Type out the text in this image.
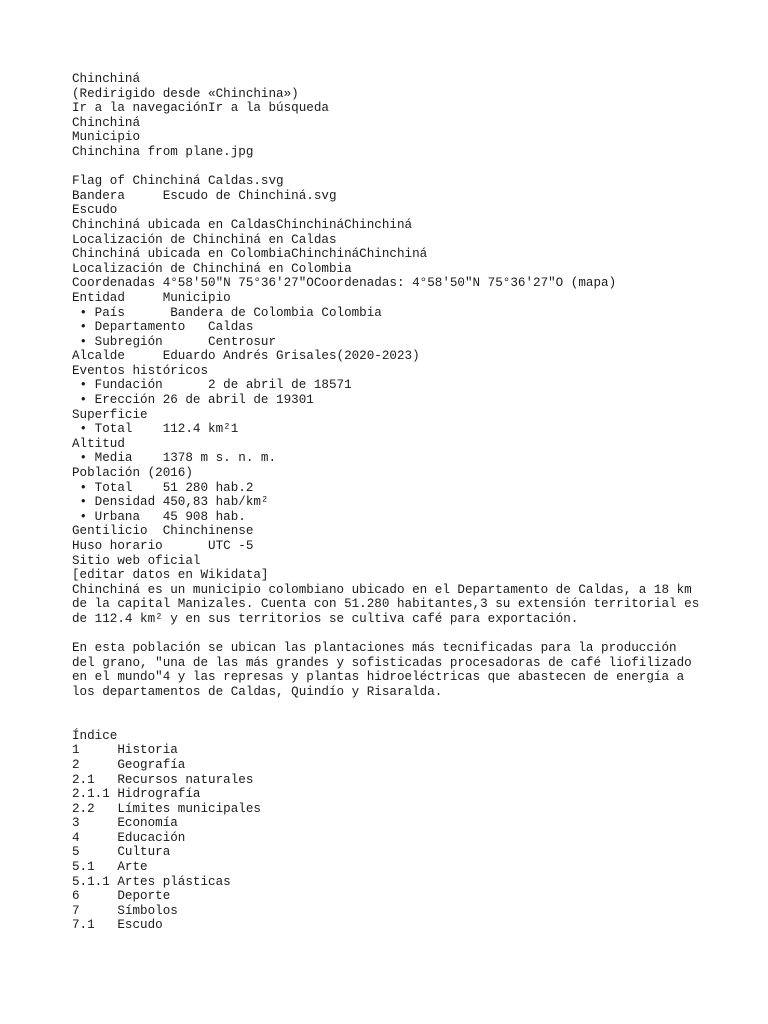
Chinchiná
(Redirigido desde «Chinchina»)
Ir a la navegaciónIr a la búsqueda
Chinchiná
Municipio
Chinchina from plane.jpg
Flag of Chinchiná Caldas.svg
Bandera     Escudo de Chinchiná.svg
Escudo
Chinchiná ubicada en CaldasChinchináChinchiná
Localización de Chinchiná en Caldas
Chinchiná ubicada en ColombiaChinchináChinchiná
Localización de Chinchiná en Colombia
Coordenadas 4°58′50″N 75°36′27″OCoordenadas: 4°58′50″N 75°36′27″O (mapa)
Entidad     Municipio
• País      Bandera de Colombia Colombia
• Departamento   Caldas
• Subregión      Centrosur
Alcalde     Eduardo Andrés Grisales(2020-2023)
Eventos históricos
• Fundación      2 de abril de 18571
• Erección 26 de abril de 19301
Superficie
• Total    112.4 km²1
Altitud
• Media    1378 m s. n. m.
Población (2016)
• Total    51 280 hab.2
• Densidad 450,83 hab/km²
• Urbana   45 908 hab.
Gentilicio  Chinchinense
Huso horario      UTC -5
Sitio web oficial
[editar datos en Wikidata]
Chinchiná es un municipio colombiano ubicado en el Departamento de Caldas, a 18 km
de la capital Manizales. Cuenta con 51.280 habitantes,3 su extensión territorial es
de 112.4 km² y en sus territorios se cultiva café para exportación.
En esta población se ubican las plantaciones más tecnificadas para la producción
del grano, "una de las más grandes y sofisticadas procesadoras de café liofilizado
en el mundo"4 y las represas y plantas hidroeléctricas que abastecen de energía a
los departamentos de Caldas, Quindío y Risaralda.
Índice
1	Historia
2	Geografía
2.1 Recursos naturales
2.1.1 Hidrografía
2.2 Límites municipales
3	Economía
4	Educación
5	Cultura
5.1 Arte
5.1.1 Artes plásticas
6	Deporte
7	Símbolos
7.1 Escudo
